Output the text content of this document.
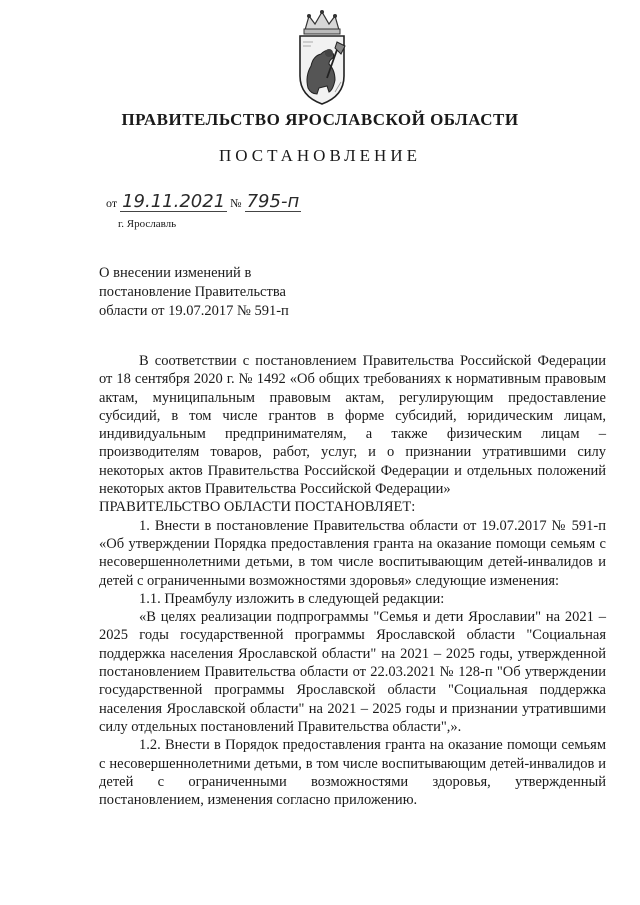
ПРАВИТЕЛЬСТВО ЯРОСЛАВСКОЙ ОБЛАСТИ
ПОСТАНОВЛЕНИЕ
от 19.11.2021 № 795-п
г. Ярославль
О внесении изменений в
постановление Правительства
области от 19.07.2017 № 591-п

В соответствии с постановлением Правительства Российской Федерации от 18 сентября 2020 г. № 1492 «Об общих требованиях к нормативным правовым актам, муниципальным правовым актам, регулирующим предоставление субсидий, в том числе грантов в форме субсидий, юридическим лицам, индивидуальным предпринимателям, а также физическим лицам – производителям товаров, работ, услуг, и о признании утратившими силу некоторых актов Правительства Российской Федерации и отдельных положений некоторых актов Правительства Российской Федерации»

ПРАВИТЕЛЬСТВО ОБЛАСТИ ПОСТАНОВЛЯЕТ:

1. Внести в постановление Правительства области от 19.07.2017 № 591-п «Об утверждении Порядка предоставления гранта на оказание помощи семьям с несовершеннолетними детьми, в том числе воспитывающим детей-инвалидов и детей с ограниченными возможностями здоровья» следующие изменения:

1.1. Преамбулу изложить в следующей редакции:

«В целях реализации подпрограммы "Семья и дети Ярославии" на 2021 – 2025 годы государственной программы Ярославской области "Социальная поддержка населения Ярославской области" на 2021 – 2025 годы, утвержденной постановлением Правительства области от 22.03.2021 № 128-п "Об утверждении государственной программы Ярославской области "Социальная поддержка населения Ярославской области" на 2021 – 2025 годы и признании утратившими силу отдельных постановлений Правительства области",».

1.2. Внести в Порядок предоставления гранта на оказание помощи семьям с несовершеннолетними детьми, в том числе воспитывающим детей-инвалидов и детей с ограниченными возможностями здоровья, утвержденный постановлением, изменения согласно приложению.
